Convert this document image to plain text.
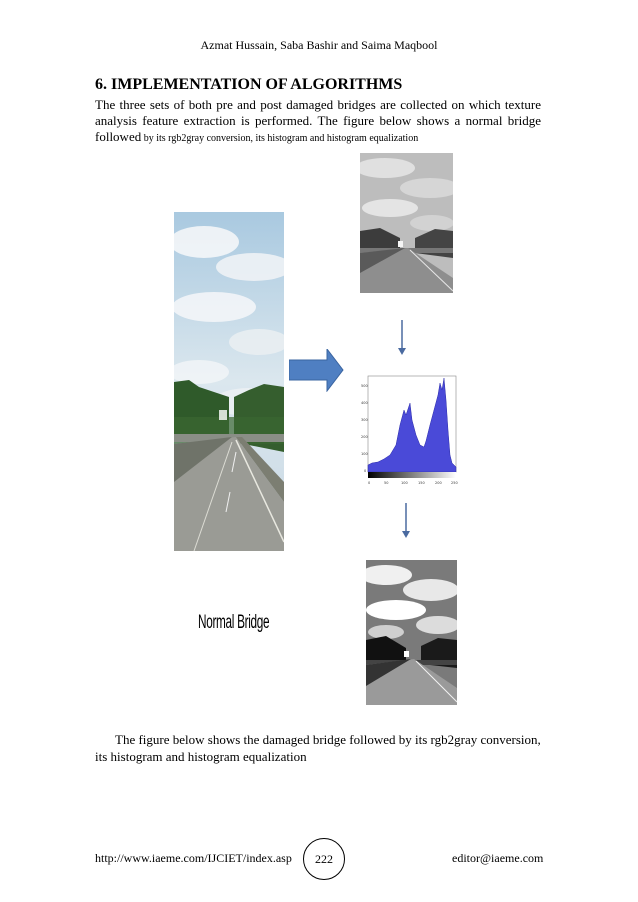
Azmat Hussain, Saba Bashir and Saima Maqbool
6. IMPLEMENTATION OF ALGORITHMS
The three sets of both pre and post damaged bridges are collected on which texture
analysis feature extraction is performed. The figure below shows a normal bridge
followed by its rgb2gray conversion, its histogram and histogram equalization
500
400
300
200
100
0
0	50	100	150	200	250
Normal Bridge
The figure below shows the damaged bridge followed by its rgb2gray conversion, its histogram and histogram equalization
http://www.iaeme.com/IJCIET/index.asp 222	editor@iaeme.com
